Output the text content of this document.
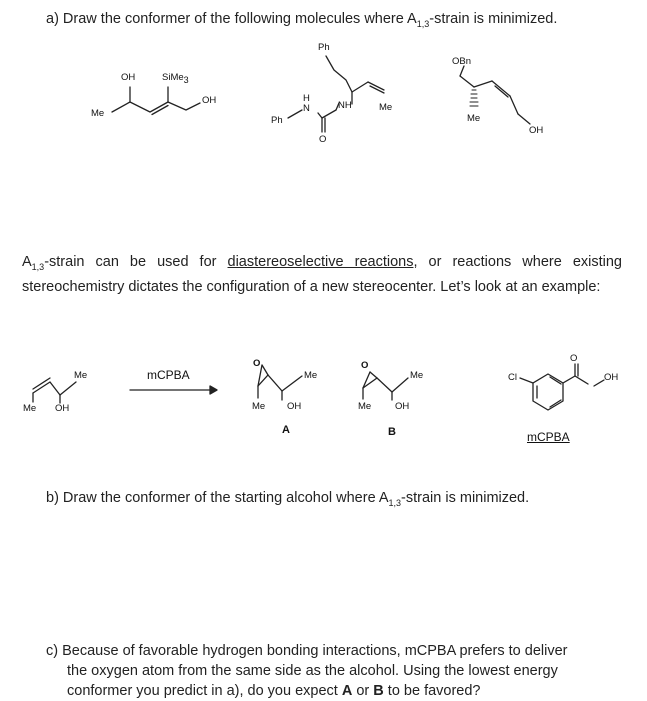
a) Draw the conformer of the following molecules where $A_{1,3}$-strain is minimized.
OH	SiMe$_3$
OH
Me
Ph
H
N	NH	Me
Ph
O
OBn
Me
OH
$A_{1,3}$-strain can be used for diastereoselective reactions, or reactions where existing stereochemistry dictates the configuration of a new stereocenter. Let’s look at an example:
Me
Me OH
mCPBA
O
Me
Me OH
A
O
Me
Me	OH
B
Cl
O
OH
mCPBA
b) Draw the conformer of the starting alcohol where $A_{1,3}$-strain is minimized.
c) Because of favorable hydrogen bonding interactions, mCPBA prefers to deliver
the oxygen atom from the same side as the alcohol. Using the lowest energy
conformer you predict in a), do you expect A or B to be favored?
